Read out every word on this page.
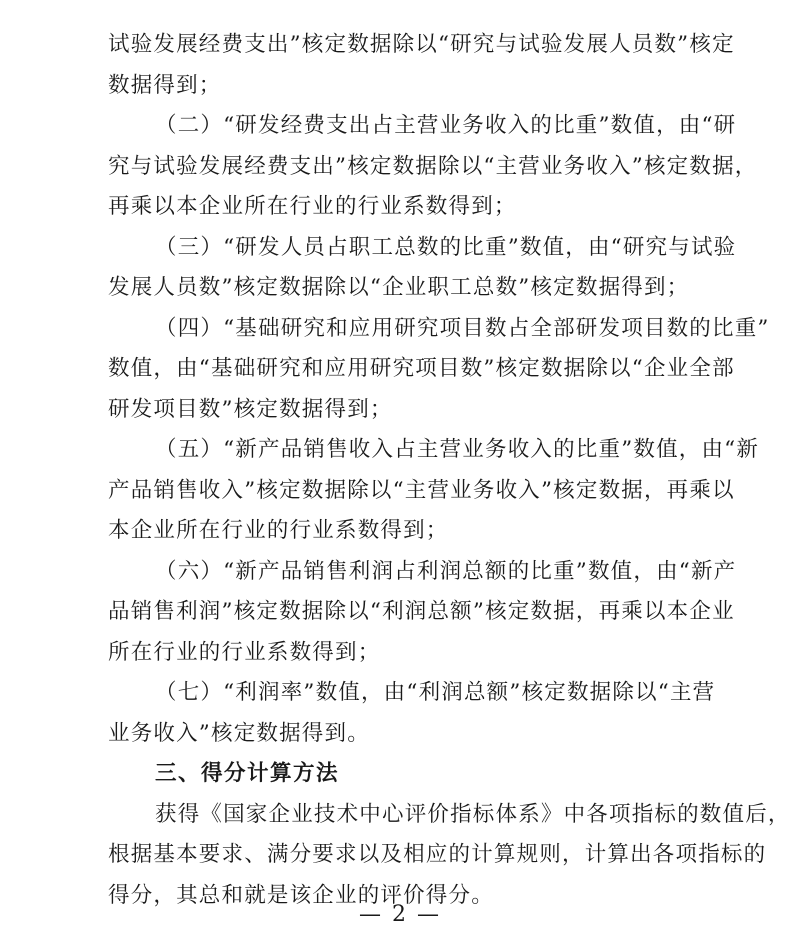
试验发展经费支出”核定数据除以“研究与试验发展人员数”核定
数据得到；
（二）“研发经费支出占主营业务收入的比重”数值，由“研
究与试验发展经费支出”核定数据除以“主营业务收入”核定数据，
再乘以本企业所在行业的行业系数得到；
（三）“研发人员占职工总数的比重”数值，由“研究与试验
发展人员数”核定数据除以“企业职工总数”核定数据得到；
（四）“基础研究和应用研究项目数占全部研发项目数的比重”
数值，由“基础研究和应用研究项目数”核定数据除以“企业全部
研发项目数”核定数据得到；
（五）“新产品销售收入占主营业务收入的比重”数值，由“新
产品销售收入”核定数据除以“主营业务收入”核定数据，再乘以
本企业所在行业的行业系数得到；
（六）“新产品销售利润占利润总额的比重”数值，由“新产
品销售利润”核定数据除以“利润总额”核定数据，再乘以本企业
所在行业的行业系数得到；
（七）“利润率”数值，由“利润总额”核定数据除以“主营
业务收入”核定数据得到。
三、得分计算方法
获得《国家企业技术中心评价指标体系》中各项指标的数值后，
根据基本要求、满分要求以及相应的计算规则，计算出各项指标的
得分，其总和就是该企业的评价得分。
— 2 —
